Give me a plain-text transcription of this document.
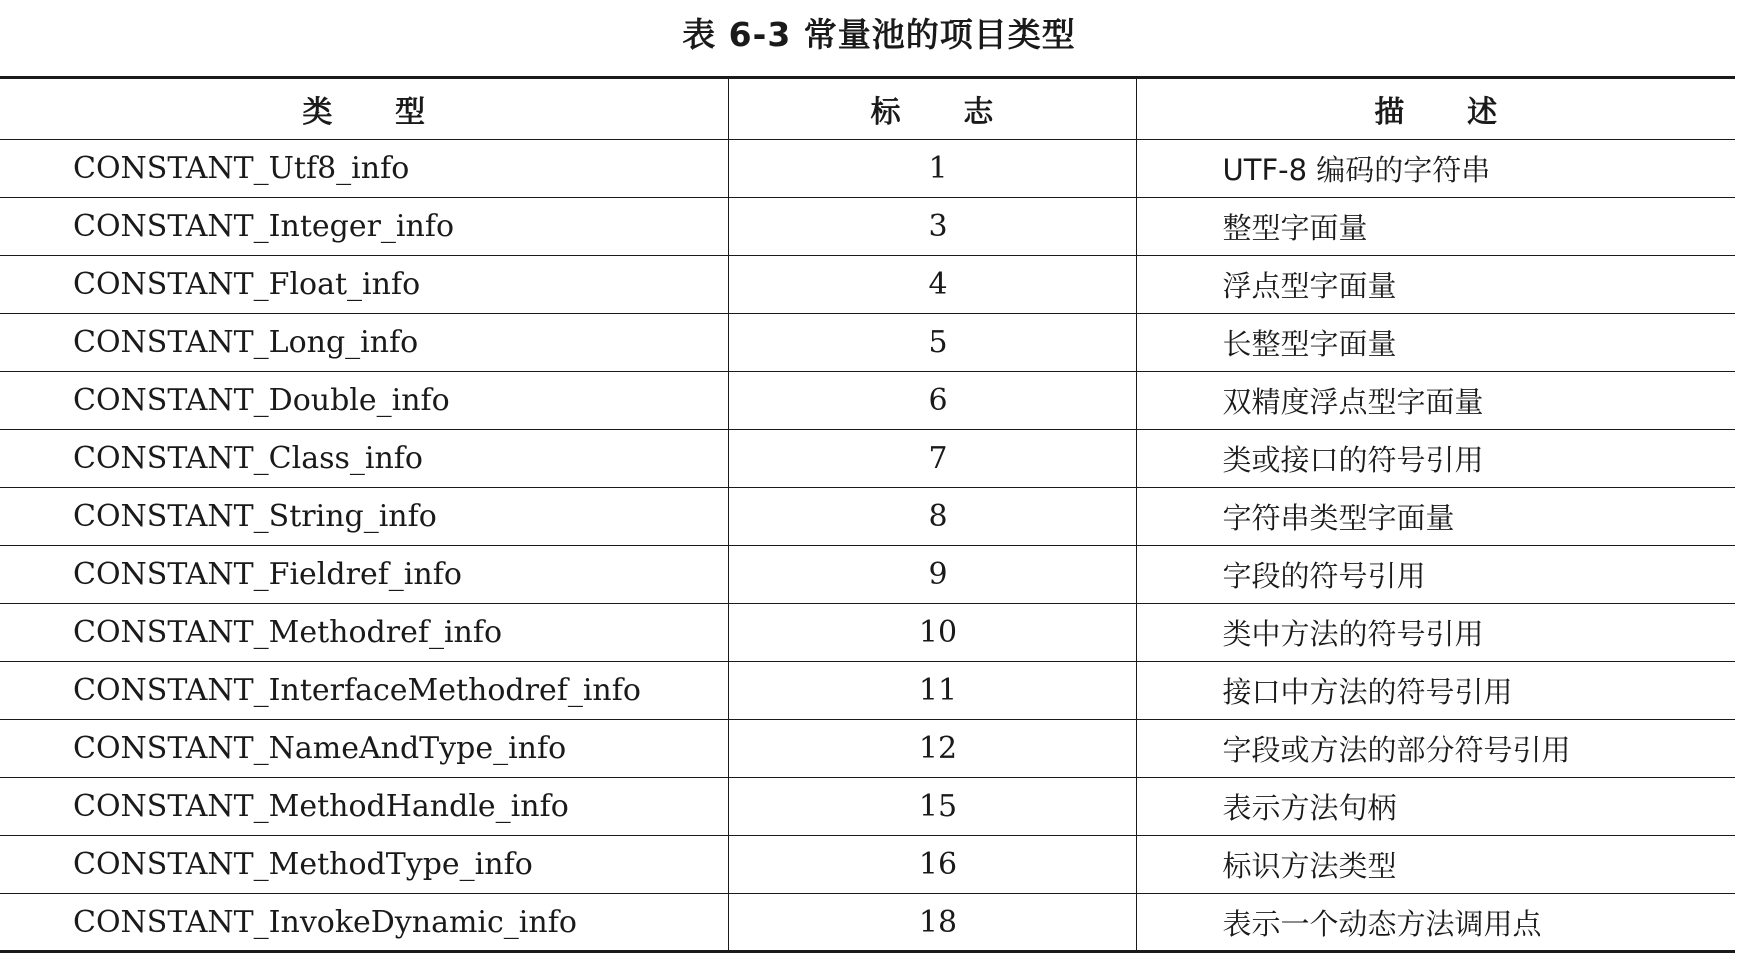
表 6-3 常量池的项目类型
类      型	标      志	描      述
CONSTANT_Utf8_info	1	UTF-8 编码的字符串
CONSTANT_Integer_info	3	整型字面量
CONSTANT_Float_info	4	浮点型字面量
CONSTANT_Long_info	5	长整型字面量
CONSTANT_Double_info	6	双精度浮点型字面量
CONSTANT_Class_info	7	类或接口的符号引用
CONSTANT_String_info	8	字符串类型字面量
CONSTANT_Fieldref_info	9	字段的符号引用
CONSTANT_Methodref_info	10	类中方法的符号引用
CONSTANT_InterfaceMethodref_info	11	接口中方法的符号引用
CONSTANT_NameAndType_info	12	字段或方法的部分符号引用
CONSTANT_MethodHandle_info	15	表示方法句柄
CONSTANT_MethodType_info	16	标识方法类型
CONSTANT_InvokeDynamic_info	18	表示一个动态方法调用点
